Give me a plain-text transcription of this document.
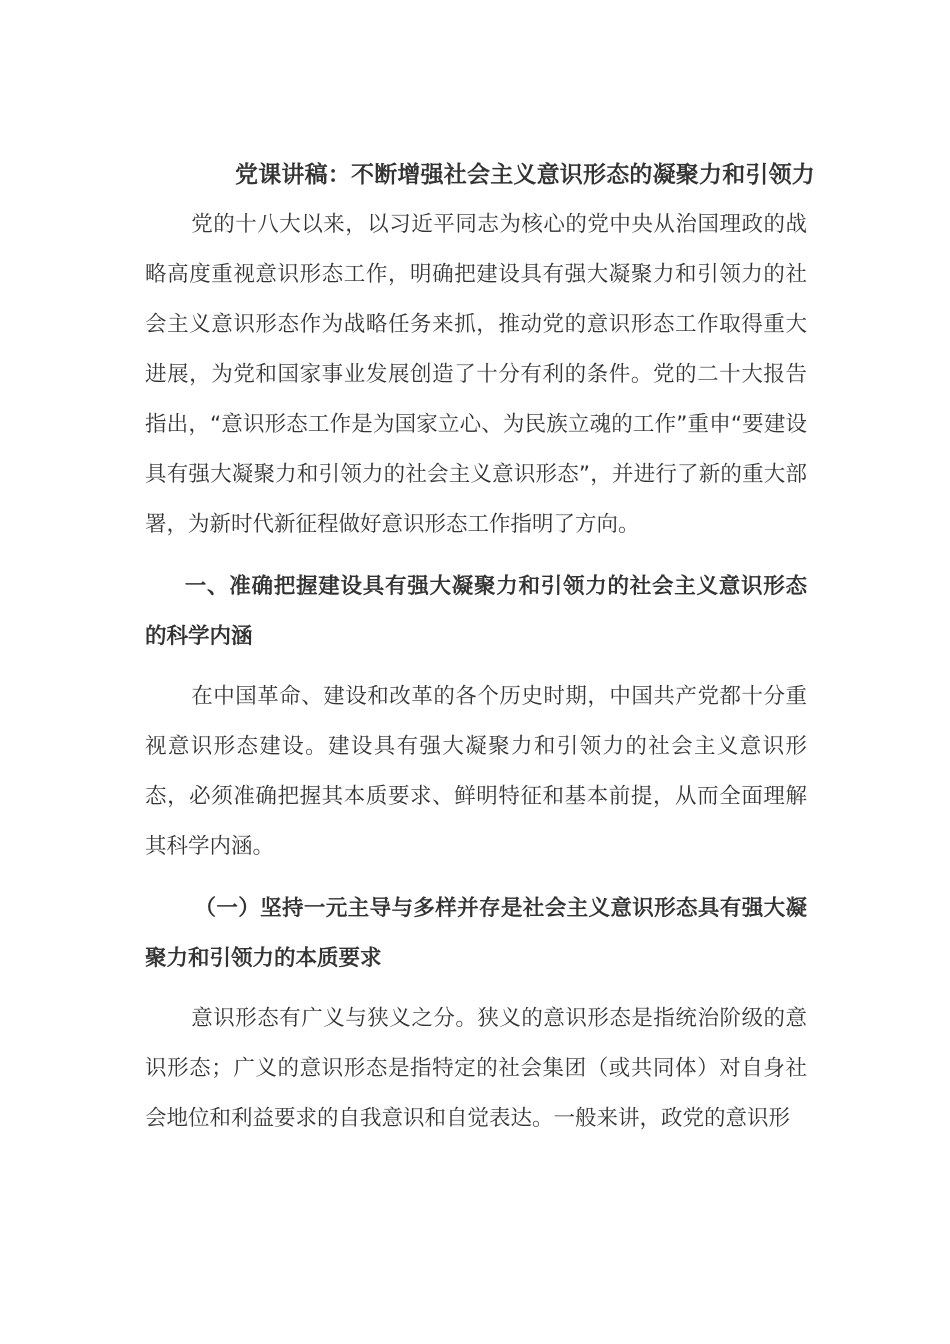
党课讲稿：不断增强社会主义意识形态的凝聚力和引领力

党的十八大以来，以习近平同志为核心的党中央从治国理政的战略高度重视意识形态工作，明确把建设具有强大凝聚力和引领力的社会主义意识形态作为战略任务来抓，推动党的意识形态工作取得重大进展，为党和国家事业发展创造了十分有利的条件。党的二十大报告指出，“意识形态工作是为国家立心、为民族立魂的工作”重申“要建设具有强大凝聚力和引领力的社会主义意识形态”，并进行了新的重大部署，为新时代新征程做好意识形态工作指明了方向。

一、准确把握建设具有强大凝聚力和引领力的社会主义意识形态的科学内涵

在中国革命、建设和改革的各个历史时期，中国共产党都十分重视意识形态建设。建设具有强大凝聚力和引领力的社会主义意识形态，必须准确把握其本质要求、鲜明特征和基本前提，从而全面理解其科学内涵。

（一）坚持一元主导与多样并存是社会主义意识形态具有强大凝聚力和引领力的本质要求

意识形态有广义与狭义之分。狭义的意识形态是指统治阶级的意识形态；广义的意识形态是指特定的社会集团（或共同体）对自身社会地位和利益要求的自我意识和自觉表达。一般来讲，政党的意识形
